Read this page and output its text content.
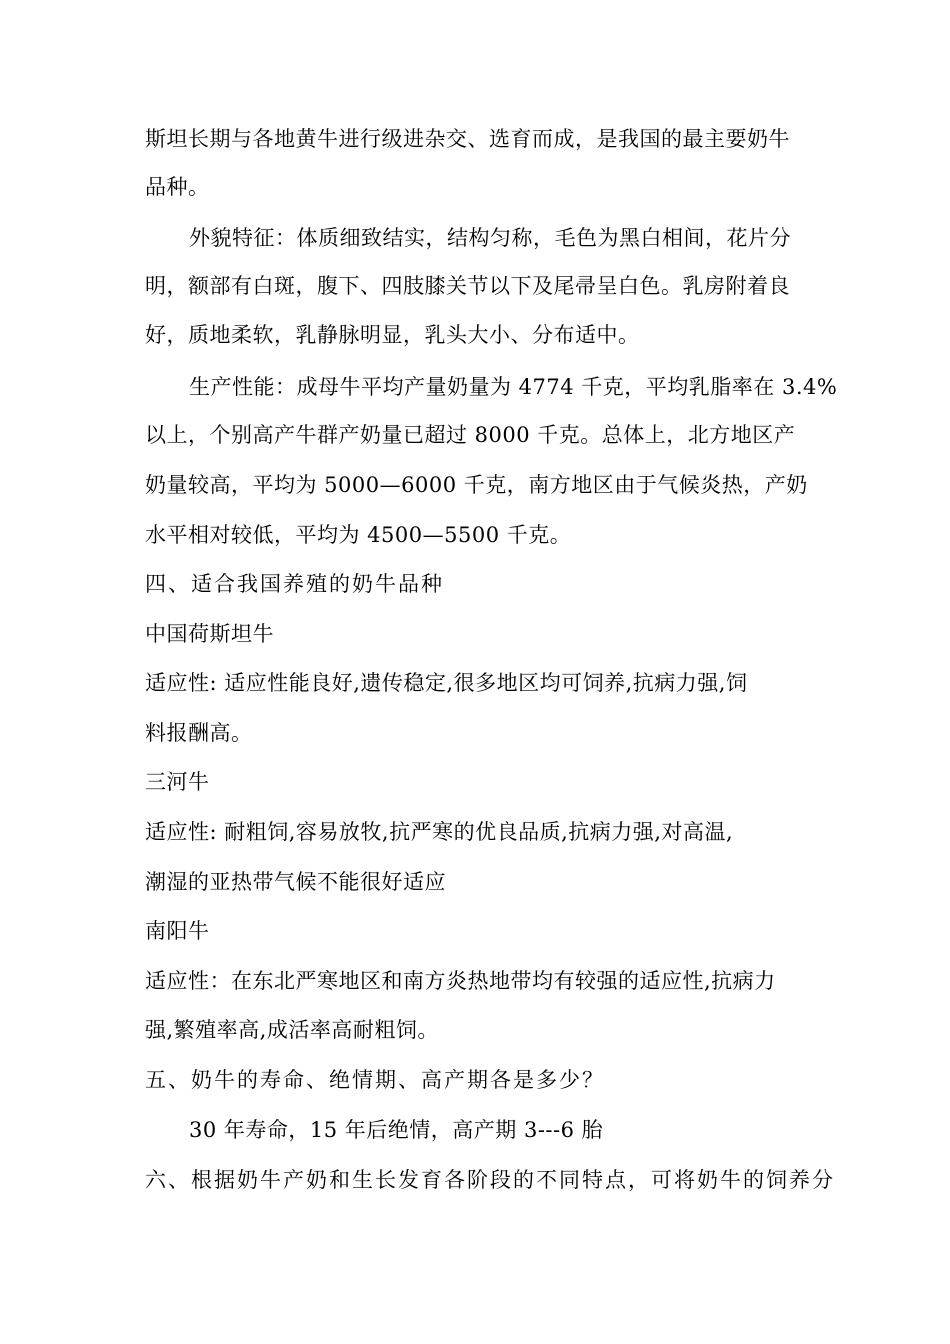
斯坦长期与各地黄牛进行级进杂交、选育而成，是我国的最主要奶牛
品种。
外貌特征：体质细致结实，结构匀称，毛色为黑白相间，花片分
明，额部有白斑，腹下、四肢膝关节以下及尾帚呈白色。乳房附着良
好，质地柔软，乳静脉明显，乳头大小、分布适中。
生产性能：成母牛平均产量奶量为 4774 千克，平均乳脂率在 3.4%
以上，个别高产牛群产奶量已超过 8000 千克。总体上，北方地区产
奶量较高，平均为 5000—6000 千克，南方地区由于气候炎热，产奶
水平相对较低，平均为 4500—5500 千克。
四、适合我国养殖的奶牛品种
中国荷斯坦牛
适应性: 适应性能良好,遗传稳定,很多地区均可饲养,抗病力强,饲
料报酬高。
三河牛
适应性: 耐粗饲,容易放牧,抗严寒的优良品质,抗病力强,对高温,
潮湿的亚热带气候不能很好适应
南阳牛
适应性：在东北严寒地区和南方炎热地带均有较强的适应性,抗病力
强,繁殖率高,成活率高耐粗饲。
五、奶牛的寿命、绝情期、高产期各是多少？
30 年寿命，15 年后绝情，高产期 3---6 胎
六、根据奶牛产奶和生长发育各阶段的不同特点，可将奶牛的饲养分
